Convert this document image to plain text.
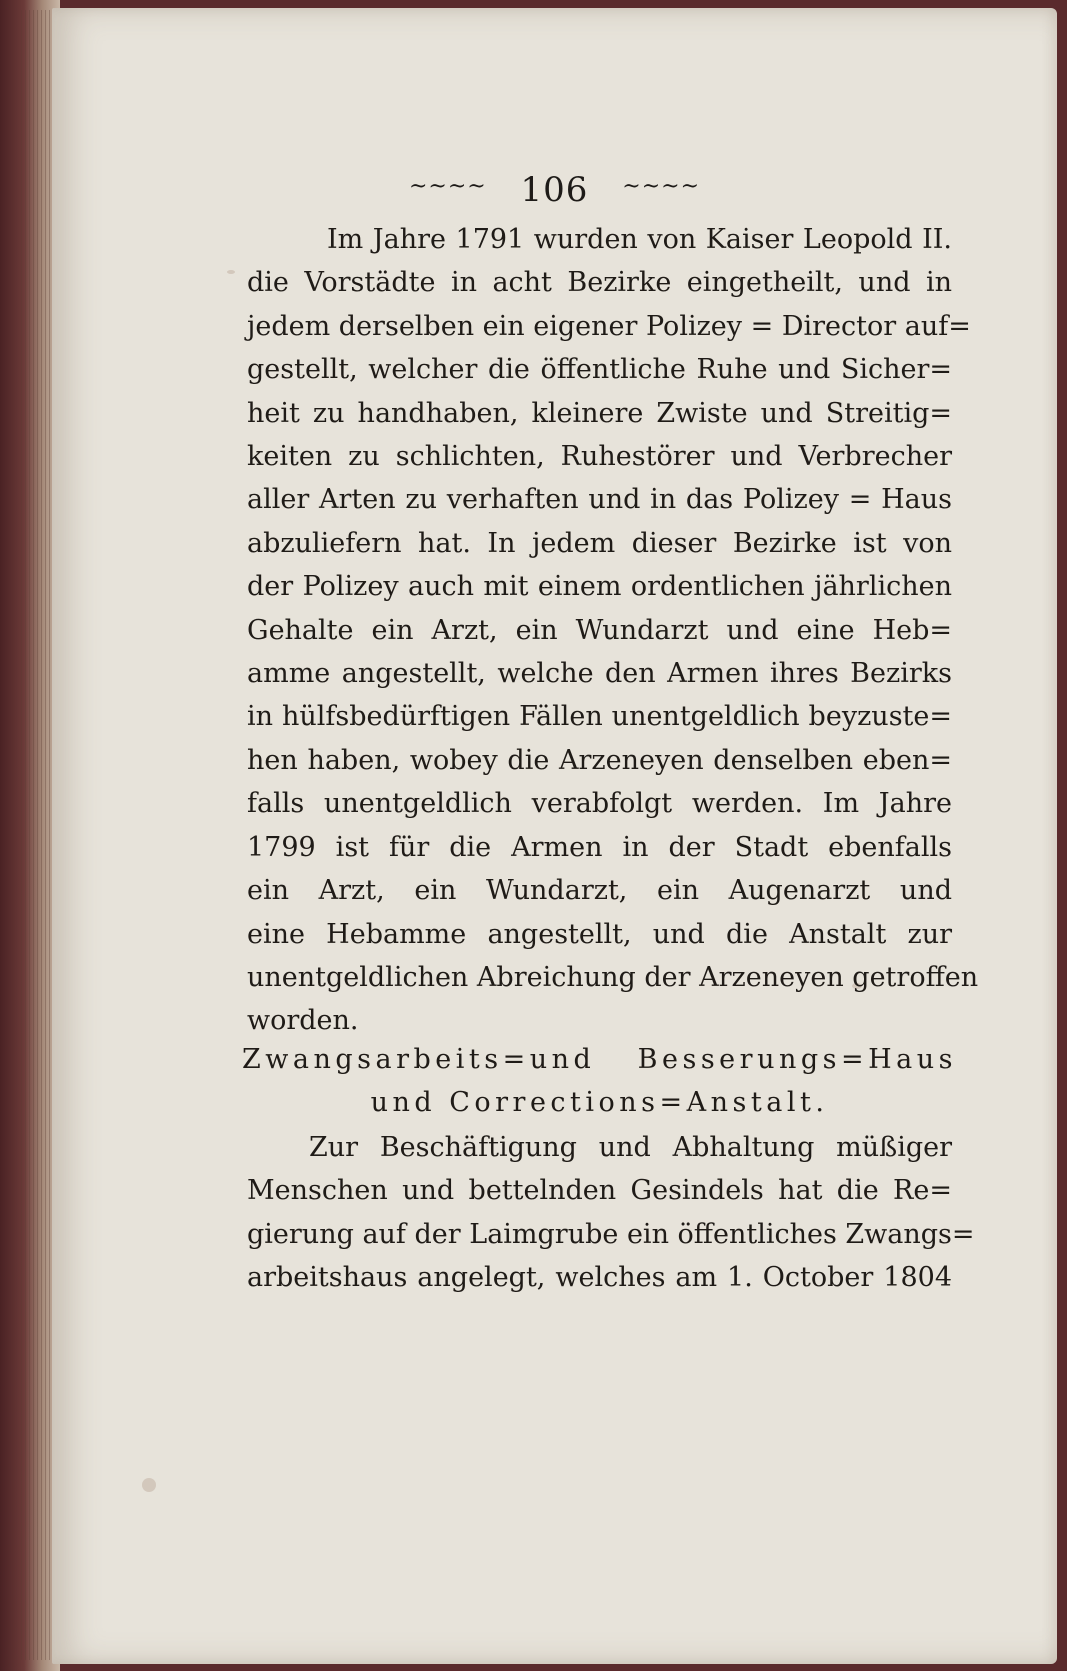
~~~~ 106 ~~~~
Im Jahre 1791 wurden von Kaiser Leopold II.
die Vorstädte in acht Bezirke eingetheilt, und in
jedem derselben ein eigener Polizey = Director auf=
gestellt, welcher die öffentliche Ruhe und Sicher=
heit zu handhaben, kleinere Zwiste und Streitig=
keiten zu schlichten, Ruhestörer und Verbrecher
aller Arten zu verhaften und in das Polizey = Haus
abzuliefern hat. In jedem dieser Bezirke ist von
der Polizey auch mit einem ordentlichen jährlichen
Gehalte ein Arzt, ein Wundarzt und eine Heb=
amme angestellt, welche den Armen ihres Bezirks
in hülfsbedürftigen Fällen unentgeldlich beyzuste=
hen haben, wobey die Arzeneyen denselben eben=
falls unentgeldlich verabfolgt werden. Im Jahre
1799 ist für die Armen in der Stadt ebenfalls
ein Arzt, ein Wundarzt, ein Augenarzt und
eine Hebamme angestellt, und die Anstalt zur
unentgeldlichen Abreichung der Arzeneyen getroffen
worden.
Zwangsarbeits=und Besserungs=Haus
und Corrections=Anstalt.
Zur Beschäftigung und Abhaltung müßiger
Menschen und bettelnden Gesindels hat die Re=
gierung auf der Laimgrube ein öffentliches Zwangs=
arbeitshaus angelegt, welches am 1. October 1804
